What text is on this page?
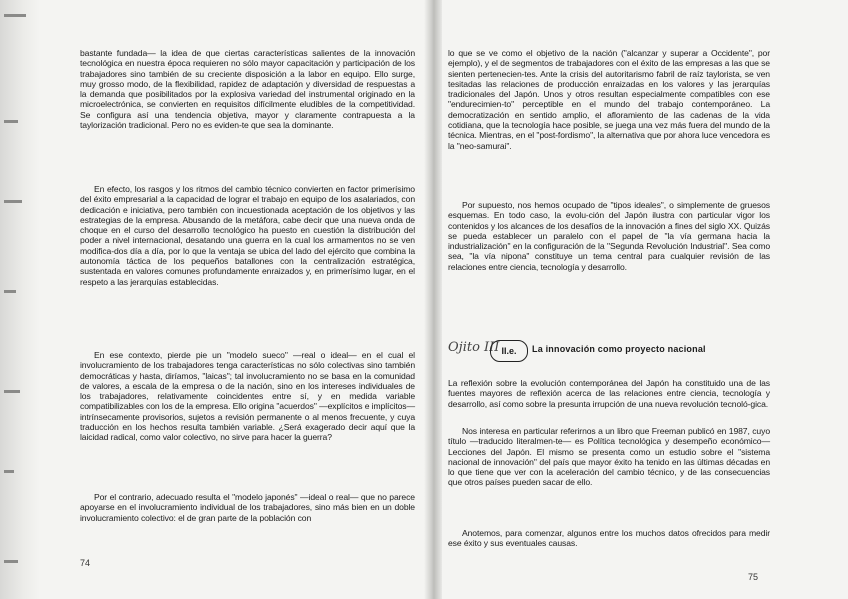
bastante fundada— la idea de que ciertas características salientes de la innovación tecnológica en nuestra época requieren no sólo mayor capacitación y participación de los trabajadores sino también de su creciente disposición a la labor en equipo. Ello surge, muy grosso modo, de la flexibilidad, rapidez de adaptación y diversidad de respuestas a la demanda que posibilitados por la explosiva variedad del instrumental originado en la microelectrónica, se convierten en requisitos difícilmente eludibles de la competitividad. Se configura así una tendencia objetiva, mayor y claramente contrapuesta a la taylorización tradicional. Pero no es eviden-te que sea la dominante.

En efecto, los rasgos y los ritmos del cambio técnico convierten en factor primerísimo del éxito empresarial a la capacidad de lograr el trabajo en equipo de los asalariados, con dedicación e iniciativa, pero también con incuestionada aceptación de los objetivos y las estrategias de la empresa. Abusando de la metáfora, cabe decir que una nueva onda de choque en el curso del desarrollo tecnológico ha puesto en cuestión la distribución del poder a nivel internacional, desatando una guerra en la cual los armamentos no se ven modifica-dos día a día, por lo que la ventaja se ubica del lado del ejército que combina la autonomía táctica de los pequeños batallones con la centralización estratégica, sustentada en valores comunes profundamente enraizados y, en primerísimo lugar, en el respeto a las jerarquías establecidas.

En ese contexto, pierde pie un "modelo sueco" —real o ideal— en el cual el involucramiento de los trabajadores tenga características no sólo colectivas sino también democráticas y hasta, diríamos, "laicas"; tal involucramiento no se basa en la comunidad de valores, a escala de la empresa o de la nación, sino en los intereses individuales de los trabajadores, relativamente coincidentes entre sí, y en medida variable compatibilizables con los de la empresa. Ello origina "acuerdos" —explícitos e implícitos— intrínsecamente provisorios, sujetos a revisión permanente o al menos frecuente, y cuya traducción en los hechos resulta también variable. ¿Será exagerado decir aquí que la laicidad radical, como valor colectivo, no sirve para hacer la guerra?

Por el contrario, adecuado resulta el "modelo japonés" —ideal o real— que no parece apoyarse en el involucramiento individual de los trabajadores, sino más bien en un doble involucramiento colectivo: el de gran parte de la población con

74

lo que se ve como el objetivo de la nación ("alcanzar y superar a Occidente", por ejemplo), y el de segmentos de trabajadores con el éxito de las empresas a las que se sienten pertenecien-tes. Ante la crisis del autoritarismo fabril de raíz taylorista, se ven tesitadas las relaciones de producción enraizadas en los valores y las jerarquías tradicionales del Japón. Unos y otros resultan especialmente compatibles con ese "endurecimien-to" perceptible en el mundo del trabajo contemporáneo. La democratización en sentido amplio, el afloramiento de las cadenas de la vida cotidiana, que la tecnología hace posible, se juega una vez más fuera del mundo de la técnica. Mientras, en el "post-fordismo", la alternativa que por ahora luce vencedora es la "neo-samurai".

Por supuesto, nos hemos ocupado de "tipos ideales", o simplemente de gruesos esquemas. En todo caso, la evolu-ción del Japón ilustra con particular vigor los contenidos y los alcances de los desafíos de la innovación a fines del siglo XX. Quizás se pueda establecer un paralelo con el papel de "la vía germana hacia la industrialización" en la configuración de la "Segunda Revolución Industrial". Sea como sea, "la vía nipona" constituye un tema central para cualquier revisión de las relaciones entre ciencia, tecnología y desarrollo.

La reflexión sobre la evolución contemporánea del Japón ha constituido una de las fuentes mayores de reflexión acerca de las relaciones entre ciencia, tecnología y desarrollo, así como sobre la presunta irrupción de una nueva revolución tecnoló-gica.

Nos interesa en particular referirnos a un libro que Freeman publicó en 1987, cuyo título —traducido literalmen-te— es Política tecnológica y desempeño económico— Lecciones del Japón. El mismo se presenta como un estudio sobre el "sistema nacional de innovación" del país que mayor éxito ha tenido en las últimas décadas en lo que tiene que ver con la aceleración del cambio técnico, y de las consecuencias que otros países pueden sacar de ello.

Anotemos, para comenzar, algunos entre los muchos datos ofrecidos para medir ese éxito y sus eventuales causas.

75
Ojito III II.e.	La innovación como proyecto nacional
